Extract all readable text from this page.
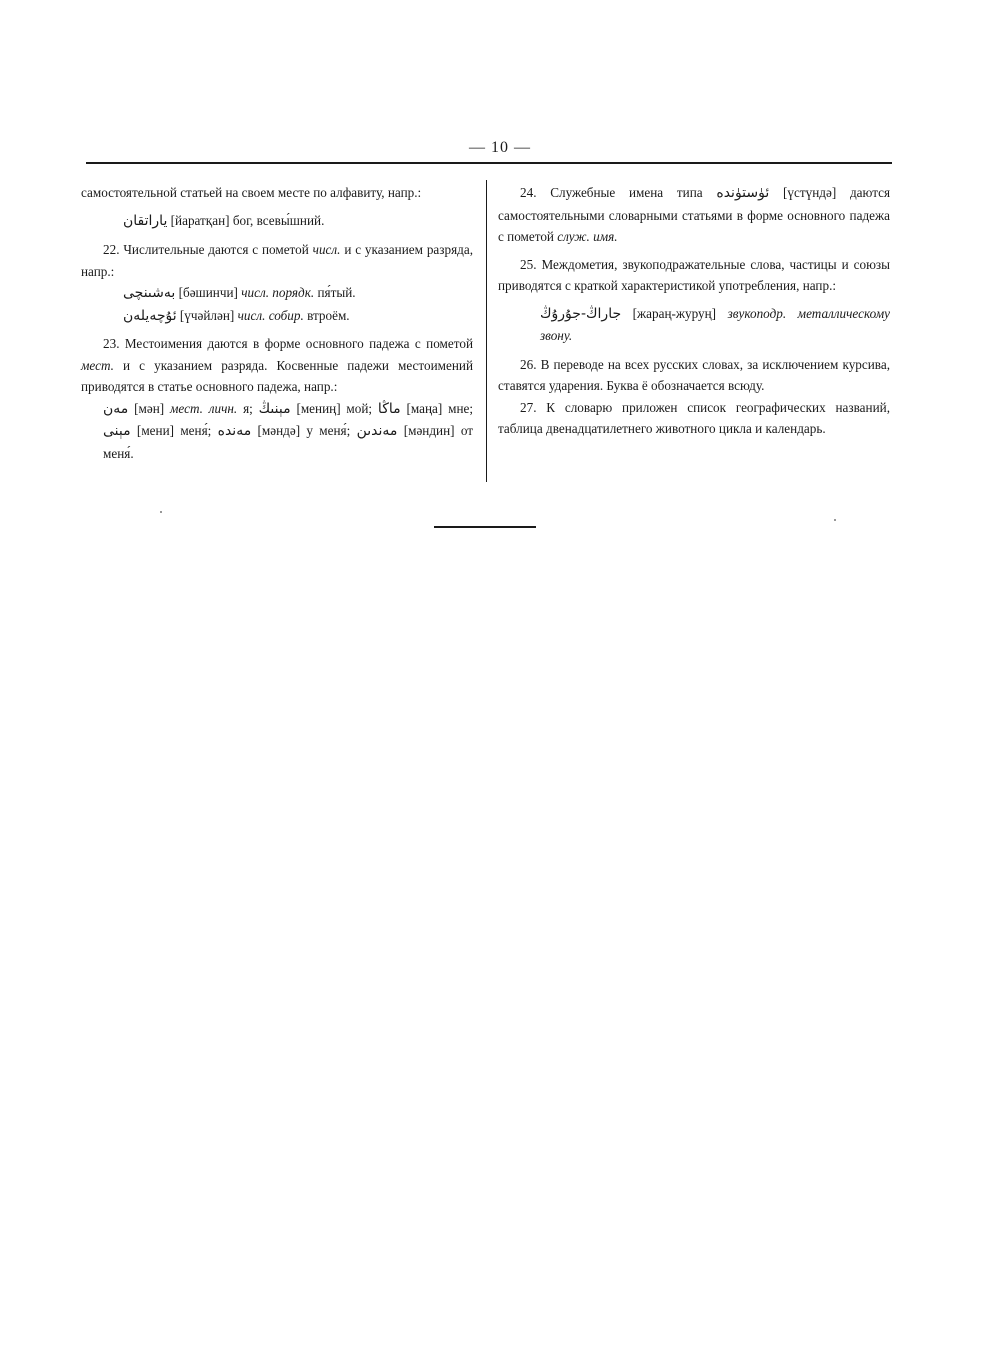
— 10 —

самостоятельной статьей на своем месте по алфавиту, напр.:

ياراتقان [йаратқан] бог, всевы́шний.

22. Числительные даются с пометой числ. и с указанием разряда, напр.:

بەشىنچى [бәшинчи] числ. порядк. пя́тый.

ئۇچەيلەن [үчәйлән] числ. собир. втроём.

23. Местоимения даются в форме основного падежа с пометой мест. и с указанием разряда. Косвенные падежи местоимений приводятся в статье основного падежа, напр.:

مەن [мән] мест. личн. я; مېنىڭ [мениң] мой; ماڭا [маңа] мне; مېنى [мени] меня́; مەندە [мәндә] у меня́; مەندىن [мәндин] от меня́.

24. Служебные имена типа ئۈستۈندە [үстүндә] даются самостоятельными словарными статьями в форме основного падежа с пометой служ. имя.

25. Междометия, звукоподражательные слова, частицы и союзы приводятся с краткой характеристикой употребления, напр.:

جاراڭ-جۇرۇڭ [жараң-журуң] звукоподр. металлическому звону.

26. В переводе на всех русских словах, за исключением курсива, ставятся ударения. Буква ё обозначается всюду.

27. К словарю приложен список географических названий, таблица двенадцатилетнего животного цикла и календарь.
